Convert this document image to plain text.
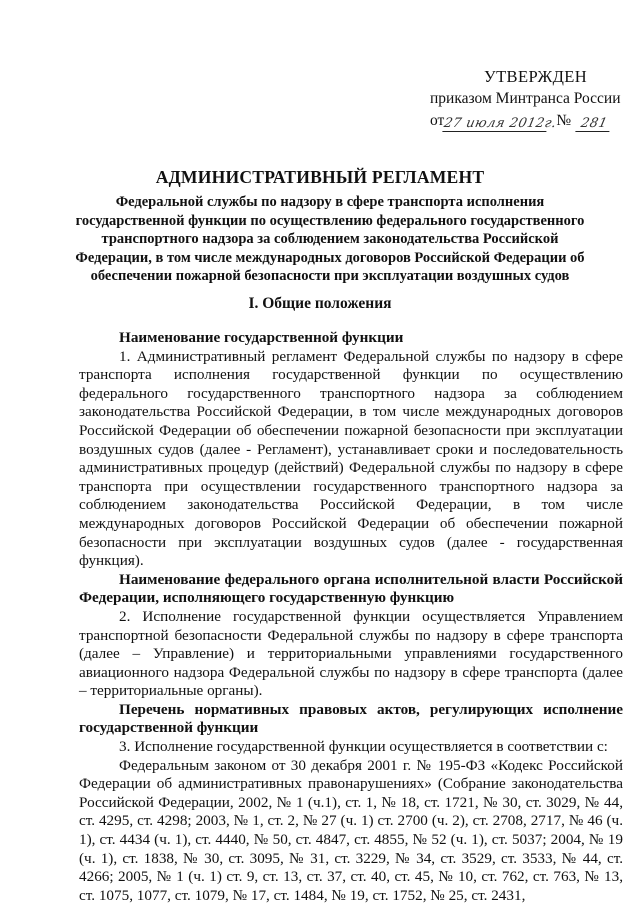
УТВЕРЖДЕН
приказом Минтранса России
от
27 июля 2012г.
№ 281
АДМИНИСТРАТИВНЫЙ РЕГЛАМЕНТ
Федеральной службы по надзору в сфере транспорта исполнения государственной функции по осуществлению федерального государственного транспортного надзора за соблюдением законодательства Российской Федерации, в том числе международных договоров Российской Федерации об обеспечении пожарной безопасности при эксплуатации воздушных судов
I. Общие положения

Наименование государственной функции

1. Административный регламент Федеральной службы по надзору в сфере транспорта исполнения государственной функции по осуществлению федерального государственного транспортного надзора за соблюдением законодательства Российской Федерации, в том числе международных договоров Российской Федерации об обеспечении пожарной безопасности при эксплуатации воздушных судов (далее - Регламент), устанавливает сроки и последовательность административных процедур (действий) Федеральной службы по надзору в сфере транспорта при осуществлении государственного транспортного надзора за соблюдением законодательства Российской Федерации, в том числе международных договоров Российской Федерации об обеспечении пожарной безопасности при эксплуатации воздушных судов (далее - государственная функция).

Наименование федерального органа исполнительной власти Российской Федерации, исполняющего государственную функцию

2. Исполнение государственной функции осуществляется Управлением транспортной безопасности Федеральной службы по надзору в сфере транспорта (далее – Управление) и территориальными управлениями государственного авиационного надзора Федеральной службы по надзору в сфере транспорта (далее – территориальные органы).

Перечень нормативных правовых актов, регулирующих исполнение государственной функции

3. Исполнение государственной функции осуществляется в соответствии с:

Федеральным законом от 30 декабря 2001 г. № 195-ФЗ «Кодекс Российской Федерации об административных правонарушениях» (Собрание законодательства Российской Федерации, 2002, № 1 (ч.1), ст. 1, № 18, ст. 1721, № 30, ст. 3029, № 44, ст. 4295, ст. 4298; 2003, № 1, ст. 2, № 27 (ч. 1) ст. 2700 (ч. 2), ст. 2708, 2717, № 46 (ч. 1), ст. 4434 (ч. 1), ст. 4440, № 50, ст. 4847, ст. 4855, № 52 (ч. 1), ст. 5037; 2004, № 19 (ч. 1), ст. 1838, № 30, ст. 3095, № 31, ст. 3229, № 34, ст. 3529, ст. 3533, № 44, ст. 4266; 2005, № 1 (ч. 1) ст. 9, ст. 13, ст. 37, ст. 40, ст. 45, № 10, ст. 762, ст. 763, № 13, ст. 1075, 1077, ст. 1079, № 17, ст. 1484, № 19, ст. 1752, № 25, ст. 2431,
